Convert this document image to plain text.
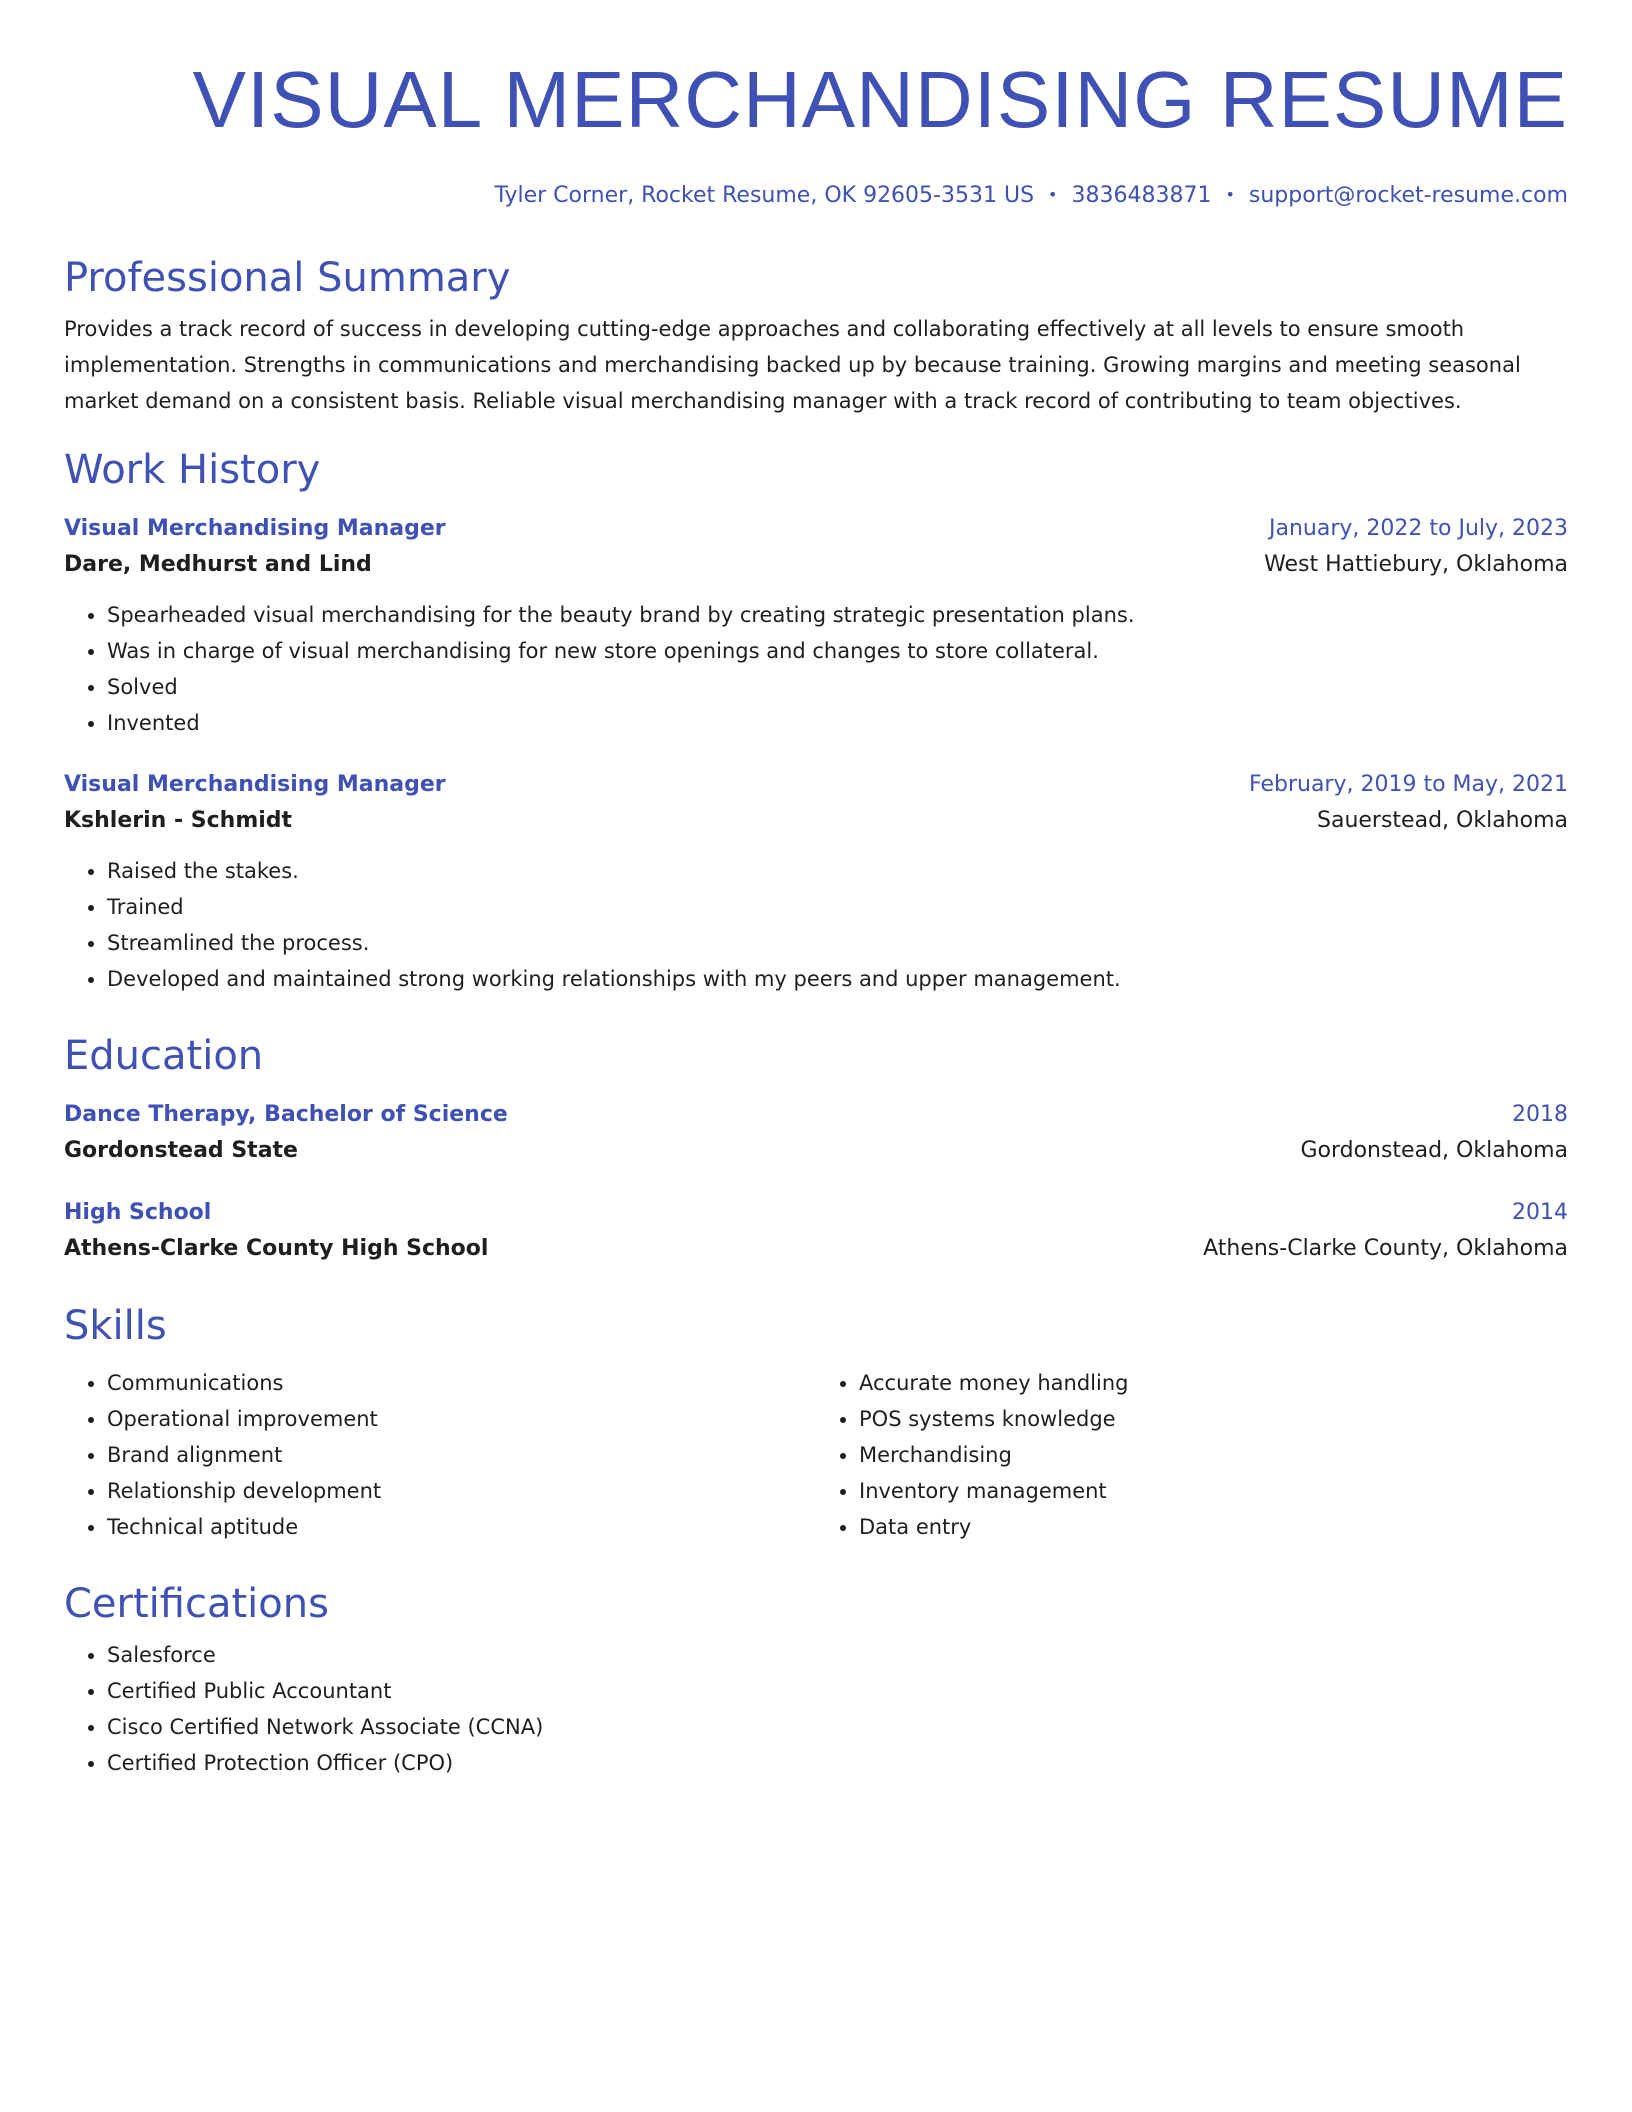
VISUAL MERCHANDISING RESUME
Tyler Corner, Rocket Resume, OK 92605-3531 US • 3836483871 • support@rocket-resume.com
Professional Summary

Provides a track record of success in developing cutting-edge approaches and collaborating effectively at all levels to ensure smooth implementation. Strengths in communications and merchandising backed up by because training. Growing margins and meeting seasonal market demand on a consistent basis. Reliable visual merchandising manager with a track record of contributing to team objectives.

Work History
Visual Merchandising Manager	January, 2022 to July, 2023
Dare, Medhurst and Lind	West Hattiebury, Oklahoma
• Spearheaded visual merchandising for the beauty brand by creating strategic presentation plans.
• Was in charge of visual merchandising for new store openings and changes to store collateral.
• Solved
• Invented
Visual Merchandising Manager	February, 2019 to May, 2021
Kshlerin - Schmidt	Sauerstead, Oklahoma
• Raised the stakes.
• Trained
• Streamlined the process.
• Developed and maintained strong working relationships with my peers and upper management.
Education
Dance Therapy, Bachelor of Science	2018
Gordonstead State	Gordonstead, Oklahoma
High School	2014
Athens-Clarke County High School	Athens-Clarke County, Oklahoma
Skills
• Communications
• Operational improvement
• Brand alignment
• Relationship development
• Technical aptitude
• Accurate money handling
• POS systems knowledge
• Merchandising
• Inventory management
• Data entry
Certifications
• Salesforce
• Certified Public Accountant
• Cisco Certified Network Associate (CCNA)
• Certified Protection Officer (CPO)
